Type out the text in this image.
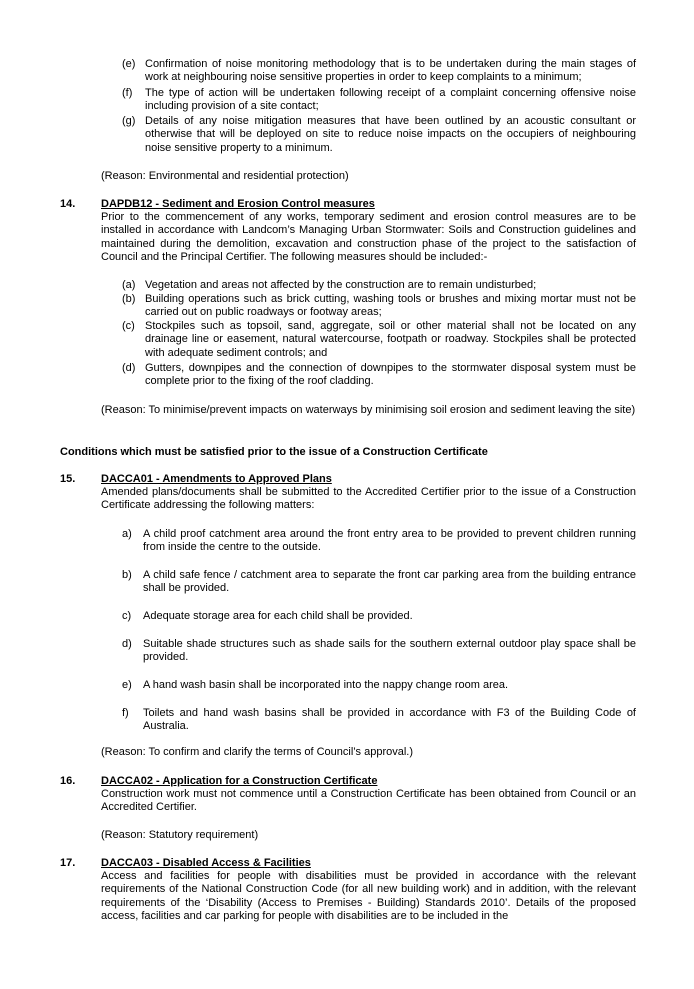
(e) Confirmation of noise monitoring methodology that is to be undertaken during the main stages of work at neighbouring noise sensitive properties in order to keep complaints to a minimum;
(f) The type of action will be undertaken following receipt of a complaint concerning offensive noise including provision of a site contact;
(g) Details of any noise mitigation measures that have been outlined by an acoustic consultant or otherwise that will be deployed on site to reduce noise impacts on the occupiers of neighbouring noise sensitive property to a minimum.
(Reason: Environmental and residential protection)
14. DAPDB12 - Sediment and Erosion Control measures
Prior to the commencement of any works, temporary sediment and erosion control measures are to be installed in accordance with Landcom’s Managing Urban Stormwater: Soils and Construction guidelines and maintained during the demolition, excavation and construction phase of the project to the satisfaction of Council and the Principal Certifier. The following measures should be included:-
(a) Vegetation and areas not affected by the construction are to remain undisturbed;
(b) Building operations such as brick cutting, washing tools or brushes and mixing mortar must not be carried out on public roadways or footway areas;
(c) Stockpiles such as topsoil, sand, aggregate, soil or other material shall not be located on any drainage line or easement, natural watercourse, footpath or roadway. Stockpiles shall be protected with adequate sediment controls; and
(d) Gutters, downpipes and the connection of downpipes to the stormwater disposal system must be complete prior to the fixing of the roof cladding.
(Reason: To minimise/prevent impacts on waterways by minimising soil erosion and sediment leaving the site)
Conditions which must be satisfied prior to the issue of a Construction Certificate
15. DACCA01 - Amendments to Approved Plans
Amended plans/documents shall be submitted to the Accredited Certifier prior to the issue of a Construction Certificate addressing the following matters:
a) A child proof catchment area around the front entry area to be provided to prevent children running from inside the centre to the outside.
b) A child safe fence / catchment area to separate the front car parking area from the building entrance shall be provided.
c) Adequate storage area for each child shall be provided.
d) Suitable shade structures such as shade sails for the southern external outdoor play space shall be provided.
e) A hand wash basin shall be incorporated into the nappy change room area.
f) Toilets and hand wash basins shall be provided in accordance with F3 of the Building Code of Australia.
(Reason: To confirm and clarify the terms of Council’s approval.)
16. DACCA02 - Application for a Construction Certificate
Construction work must not commence until a Construction Certificate has been obtained from Council or an Accredited Certifier.
(Reason: Statutory requirement)
17. DACCA03 - Disabled Access & Facilities
Access and facilities for people with disabilities must be provided in accordance with the relevant requirements of the National Construction Code (for all new building work) and in addition, with the relevant requirements of the ‘Disability (Access to Premises - Building) Standards 2010’. Details of the proposed access, facilities and car parking for people with disabilities are to be included in the
